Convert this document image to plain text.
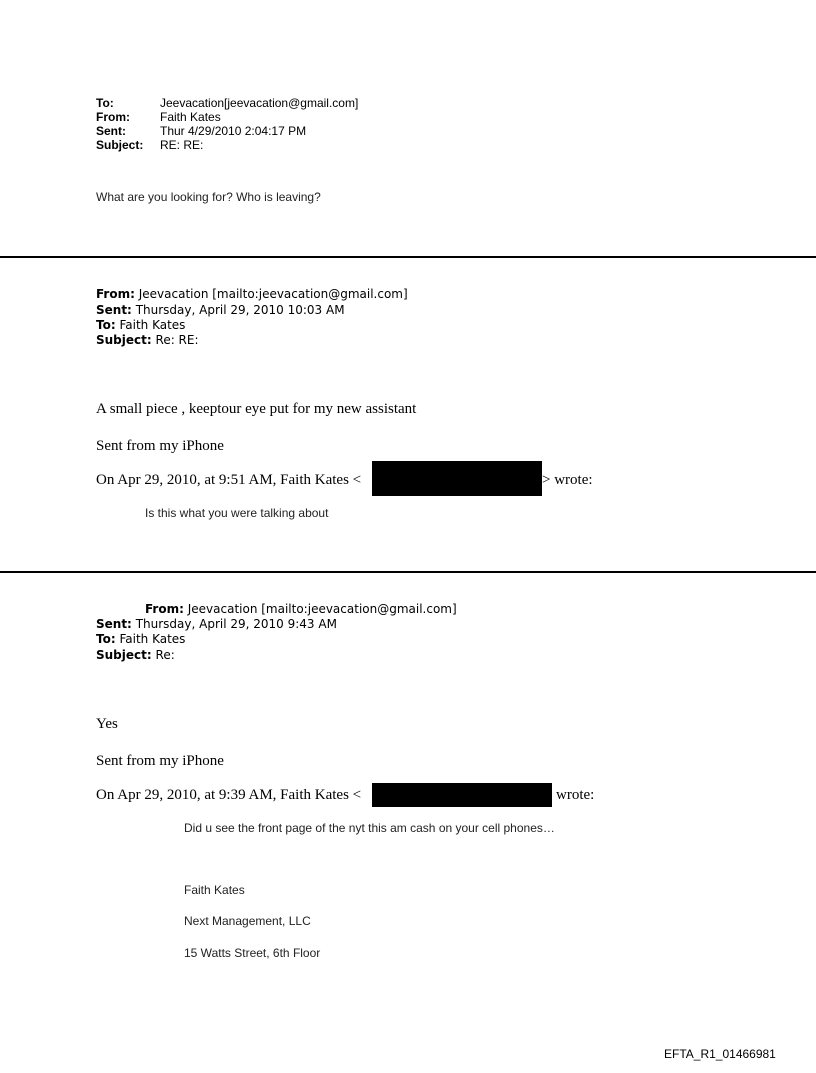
To:	Jeevacation[jeevacation@gmail.com]
From:	Faith Kates
Sent:	Thur 4/29/2010 2:04:17 PM
Subject: RE: RE:
What are you looking for? Who is leaving?
From: Jeevacation [mailto:jeevacation@gmail.com]
Sent: Thursday, April 29, 2010 10:03 AM
To: Faith Kates
Subject: Re: RE:
A small piece , keeptour eye put for my new assistant
Sent from my iPhone
On Apr 29, 2010, at 9:51 AM, Faith Kates <	> wrote:
Is this what you were talking about
From: Jeevacation [mailto:jeevacation@gmail.com]
Sent: Thursday, April 29, 2010 9:43 AM
To: Faith Kates
Subject: Re:
Yes
Sent from my iPhone
On Apr 29, 2010, at 9:39 AM, Faith Kates <	wrote:
Did u see the front page of the nyt this am cash on your cell phones…
Faith Kates
Next Management, LLC
15 Watts Street, 6th Floor
EFTA_R1_01466981
